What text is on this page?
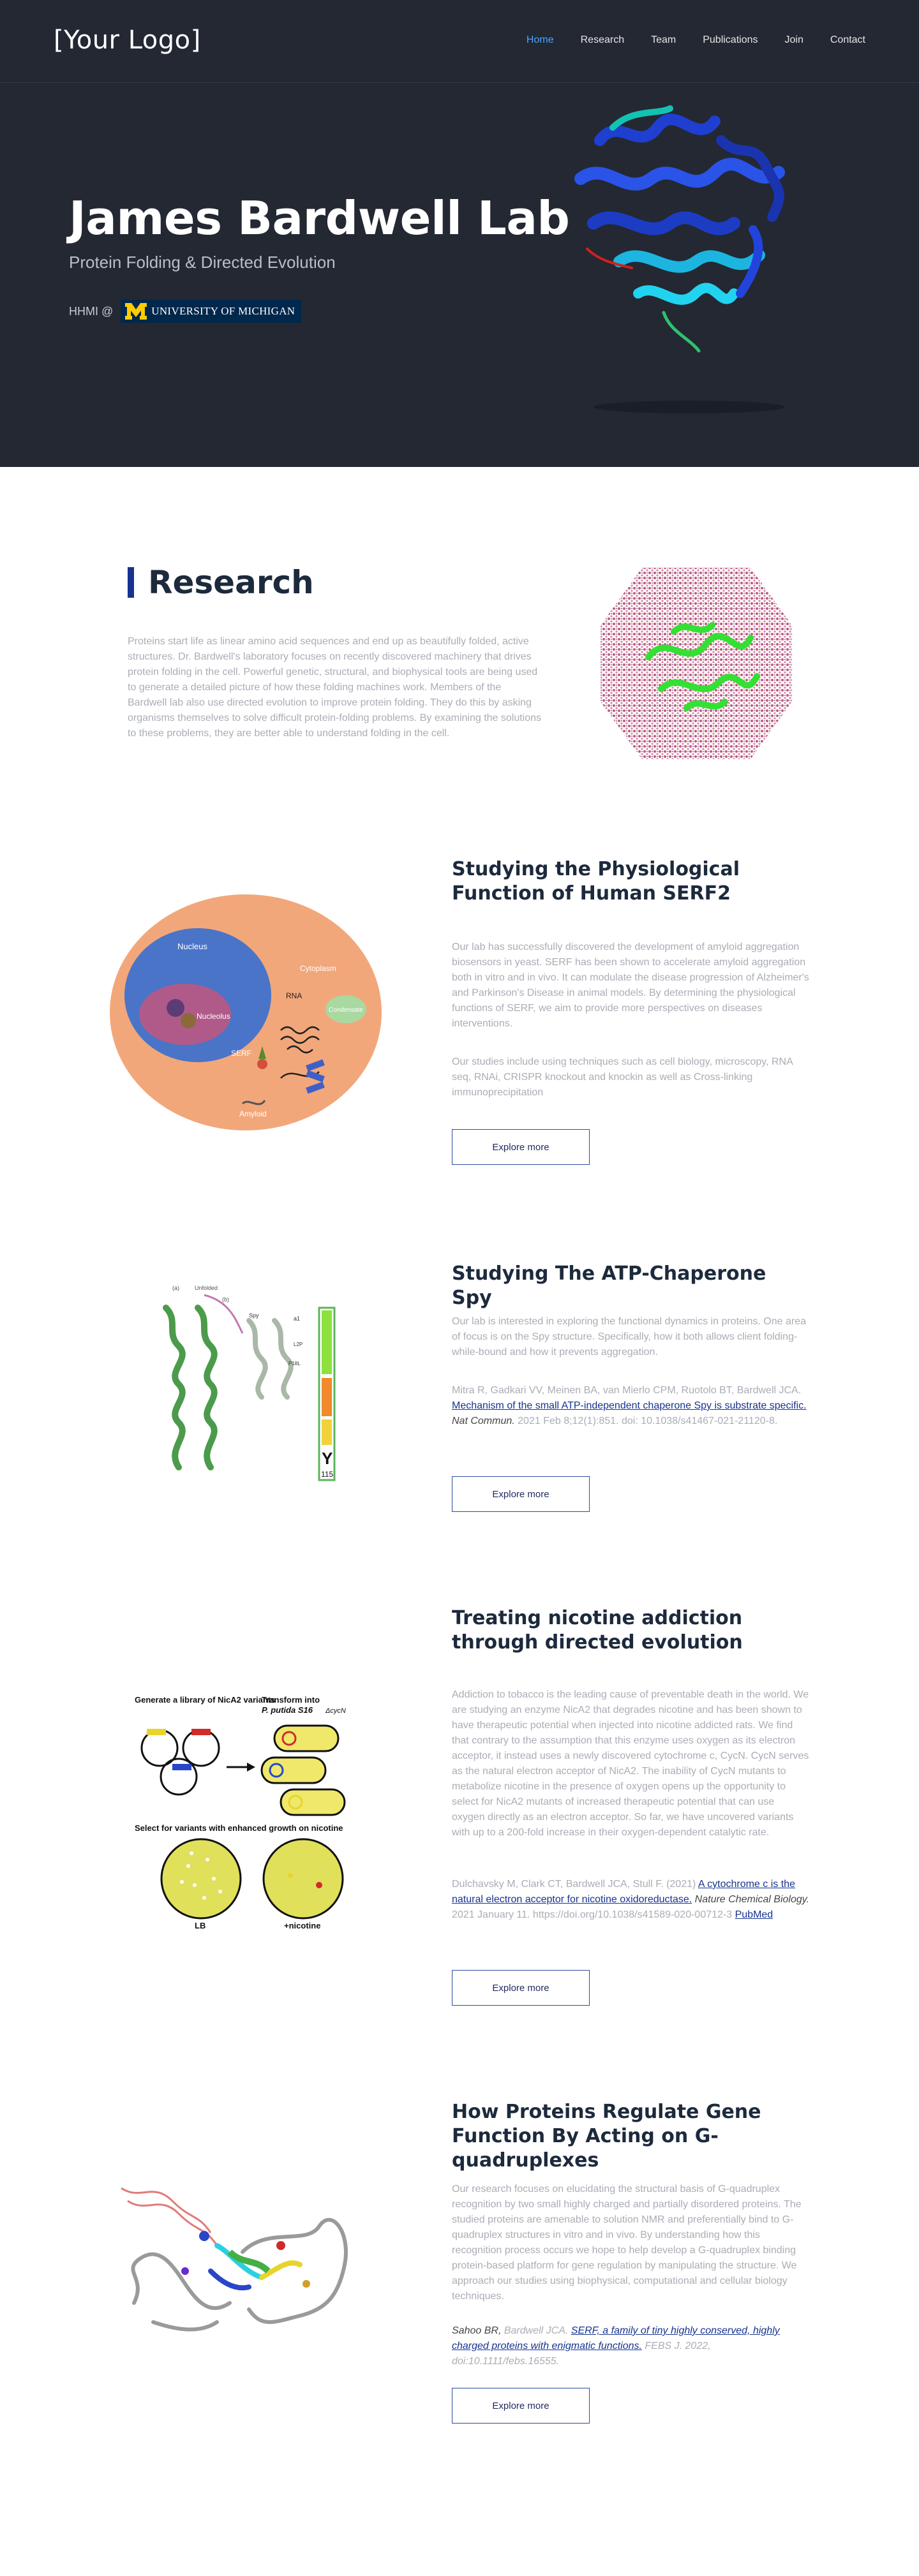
[Your Logo]	Home	Research	Team	Publications	Join	Contact
James Bardwell Lab
Protein Folding & Directed Evolution
HHMI @	UNIVERSITY OF MICHIGAN
Research

Proteins start life as linear amino acid sequences and end up as beautifully folded, active structures. Dr. Bardwell's laboratory focuses on recently discovered machinery that drives protein folding in the cell. Powerful genetic, structural, and biophysical tools are being used to generate a detailed picture of how these folding machines work. Members of the Bardwell lab also use directed evolution to improve protein folding. They do this by asking organisms themselves to solve difficult protein-folding problems. By examining the solutions to these problems, they are better able to understand folding in the cell.

Nucleus
Nucleolus
Cytoplasm
RNA
Condensate
SERF
Amyloid
Studying the Physiological Function of Human SERF2

Our lab has successfully discovered the development of amyloid aggregation biosensors in yeast. SERF has been shown to accelerate amyloid aggregation both in vitro and in vivo. It can modulate the disease progression of Alzheimer's and Parkinson's Disease in animal models. By determining the physiological functions of SERF, we aim to provide more perspectives on diseases interventions.

Our studies include using techniques such as cell biology, microscopy, RNA seq, RNAi, CRISPR knockout and knockin as well as Cross-linking immunoprecipitation

Explore more
(a)	Unfolded
(b)
Spy	a1
L2P
P18L
Y
115
Studying The ATP-Chaperone Spy

Our lab is interested in exploring the functional dynamics in proteins. One area of focus is on the Spy structure. Specifically, how it both allows client folding-while-bound and how it prevents aggregation.

Mitra R, Gadkari VV, Meinen BA, van Mierlo CPM, Ruotolo BT, Bardwell JCA. Mechanism of the small ATP-independent chaperone Spy is substrate specific. Nat Commun. 2021 Feb 8;12(1):851. doi: 10.1038/s41467-021-21120-8.

Explore more
Generate a library of NicA2 variants
Transform into
P. putida S16 ΔcycN
Select for variants with enhanced growth on nicotine
LB	+nicotine
Treating nicotine addiction through directed evolution

Addiction to tobacco is the leading cause of preventable death in the world. We are studying an enzyme NicA2 that degrades nicotine and has been shown to have therapeutic potential when injected into nicotine addicted rats. We find that contrary to the assumption that this enzyme uses oxygen as its electron acceptor, it instead uses a newly discovered cytochrome c, CycN. CycN serves as the natural electron acceptor of NicA2. The inability of CycN mutants to metabolize nicotine in the presence of oxygen opens up the opportunity to select for NicA2 mutants of increased therapeutic potential that can use oxygen directly as an electron acceptor. So far, we have uncovered variants with up to a 200-fold increase in their oxygen-dependent catalytic rate.

Dulchavsky M, Clark CT, Bardwell JCA, Stull F. (2021) A cytochrome c is the natural electron acceptor for nicotine oxidoreductase. Nature Chemical Biology. 2021 January 11. https://doi.org/10.1038/s41589-020-00712-3 PubMed

Explore more
How Proteins Regulate Gene Function By Acting on G-quadruplexes

Our research focuses on elucidating the structural basis of G-quadruplex recognition by two small highly charged and partially disordered proteins. The studied proteins are amenable to solution NMR and preferentially bind to G-quadruplex structures in vitro and in vivo. By understanding how this recognition process occurs we hope to help develop a G-quadruplex binding protein-based platform for gene regulation by manipulating the structure. We approach our studies using biophysical, computational and cellular biology techniques.

Sahoo BR, Bardwell JCA. SERF, a family of tiny highly conserved, highly charged proteins with enigmatic functions. FEBS J. 2022, doi:10.1111/febs.16555.

Explore more
